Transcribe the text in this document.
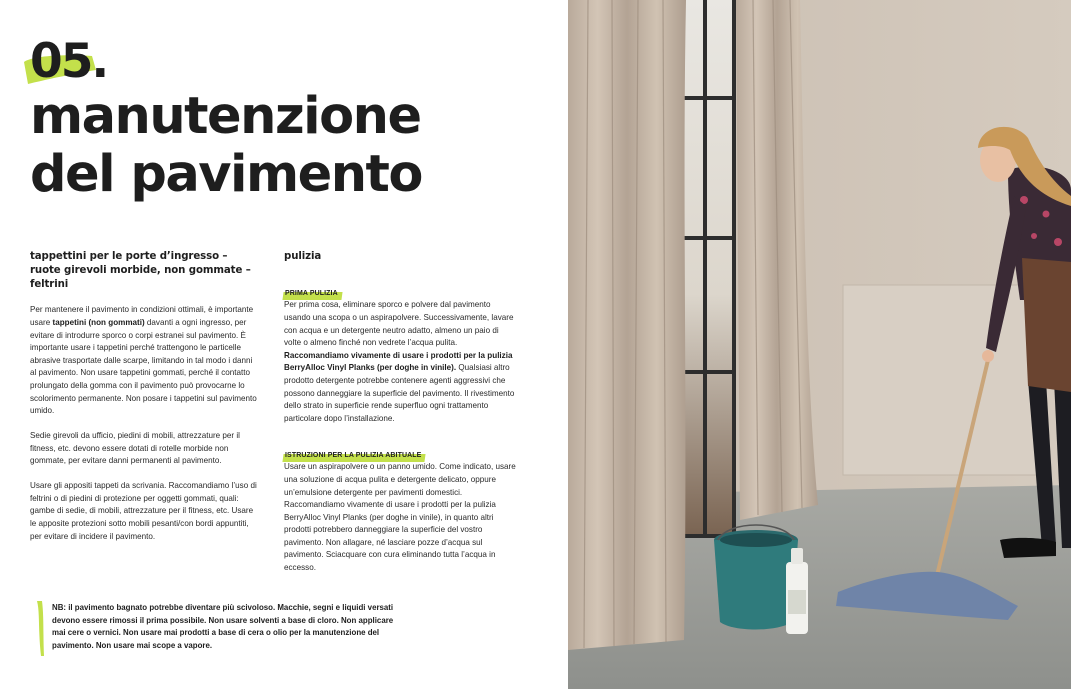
05.
manutenzione
del pavimento
tappettini per le porte d’ingresso – ruote girevoli morbide, non gommate – feltrini

Per mantenere il pavimento in condizioni ottimali, è importante usare tappetini (non gommati) davanti a ogni ingresso, per evitare di introdurre sporco o corpi estranei sul pavimento. È importante usare i tappetini perché trattengono le particelle abrasive trasportate dalle scarpe, limitando in tal modo i danni al pavimento. Non usare tappetini gommati, perché il contatto prolungato della gomma con il pavimento può provocarne lo scolorimento permanente. Non posare i tappetini sul pavimento umido.

Sedie girevoli da ufficio, piedini di mobili, attrezzature per il fitness, etc. devono essere dotati di rotelle morbide non gommate, per evitare danni permanenti al pavimento.

Usare gli appositi tappeti da scrivania. Raccomandiamo l’uso di feltrini o di piedini di protezione per oggetti gommati, quali: gambe di sedie, di mobili, attrezzature per il fitness, etc. Usare le apposite protezioni sotto mobili pesanti/con bordi appuntiti, per evitare di incidere il pavimento.

pulizia
PRIMA PULIZIA

Per prima cosa, eliminare sporco e polvere dal pavimento usando una scopa o un aspirapolvere. Successivamente, lavare con acqua e un detergente neutro adatto, almeno un paio di volte o almeno finché non vedrete l’acqua pulita. Raccomandiamo vivamente di usare i prodotti per la pulizia BerryAlloc Vinyl Planks (per doghe in vinile). Qualsiasi altro prodotto detergente potrebbe contenere agenti aggressivi che possono danneggiare la superficie del pavimento. Il rivestimento dello strato in superficie rende superfluo ogni trattamento particolare dopo l’installazione.

ISTRUZIONI PER LA PULIZIA ABITUALE

Usare un aspirapolvere o un panno umido. Come indicato, usare una soluzione di acqua pulita e detergente delicato, oppure un’emulsione detergente per pavimenti domestici. Raccomandiamo vivamente di usare i prodotti per la pulizia BerryAlloc Vinyl Planks (per doghe in vinile), in quanto altri prodotti potrebbero danneggiare la superficie del vostro pavimento. Non allagare, né lasciare pozze d’acqua sul pavimento. Sciacquare con cura eliminando tutta l’acqua in eccesso.

NB: il pavimento bagnato potrebbe diventare più scivoloso. Macchie, segni e liquidi versati devono essere rimossi il prima possibile. Non usare solventi a base di cloro. Non applicare mai cere o vernici. Non usare mai prodotti a base di cera o olio per la manutenzione del pavimento. Non usare mai scope a vapore.
